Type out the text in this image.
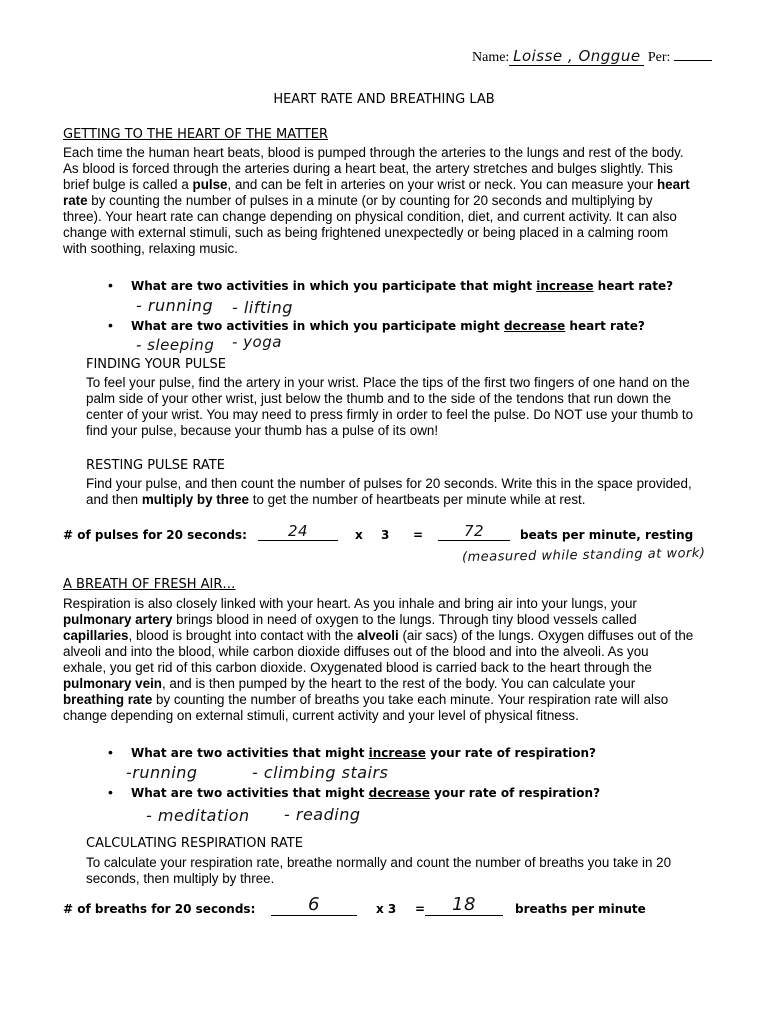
Name: Loisse , Onggue Per:
HEART RATE AND BREATHING LAB
GETTING TO THE HEART OF THE MATTER
Each time the human heart beats, blood is pumped through the arteries to the lungs and rest of the body.
As blood is forced through the arteries during a heart beat, the artery stretches and bulges slightly. This
brief bulge is called a pulse, and can be felt in arteries on your wrist or neck. You can measure your heart
rate by counting the number of pulses in a minute (or by counting for 20 seconds and multiplying by
three). Your heart rate can change depending on physical condition, diet, and current activity. It can also
change with external stimuli, such as being frightened unexpectedly or being placed in a calming room
with soothing, relaxing music.
• What are two activities in which you participate that might increase heart rate?
- running - lifting
• What are two activities in which you participate might decrease heart rate?
- sleeping - yoga
FINDING YOUR PULSE
To feel your pulse, find the artery in your wrist. Place the tips of the first two fingers of one hand on the
palm side of your other wrist, just below the thumb and to the side of the tendons that run down the
center of your wrist. You may need to press firmly in order to feel the pulse. Do NOT use your thumb to
find your pulse, because your thumb has a pulse of its own!
RESTING PULSE RATE
Find your pulse, and then count the number of pulses for 20 seconds. Write this in the space provided,
and then multiply by three to get the number of heartbeats per minute while at rest.
# of pulses for 20 seconds:	24	x 3 =	72	beats per minute, resting
(measured while standing at work)
A BREATH OF FRESH AIR…
Respiration is also closely linked with your heart. As you inhale and bring air into your lungs, your
pulmonary artery brings blood in need of oxygen to the lungs. Through tiny blood vessels called
capillaries, blood is brought into contact with the alveoli (air sacs) of the lungs. Oxygen diffuses out of the
alveoli and into the blood, while carbon dioxide diffuses out of the blood and into the alveoli. As you
exhale, you get rid of this carbon dioxide. Oxygenated blood is carried back to the heart through the
pulmonary vein, and is then pumped by the heart to the rest of the body. You can calculate your
breathing rate by counting the number of breaths you take each minute. Your respiration rate will also
change depending on external stimuli, current activity and your level of physical fitness.
• What are two activities that might increase your rate of respiration?
-running	- climbing stairs
• What are two activities that might decrease your rate of respiration?
- meditation - reading
CALCULATING RESPIRATION RATE
To calculate your respiration rate, breathe normally and count the number of breaths you take in 20
seconds, then multiply by three.
# of breaths for 20 seconds:	6	x 3 =	18	breaths per minute
